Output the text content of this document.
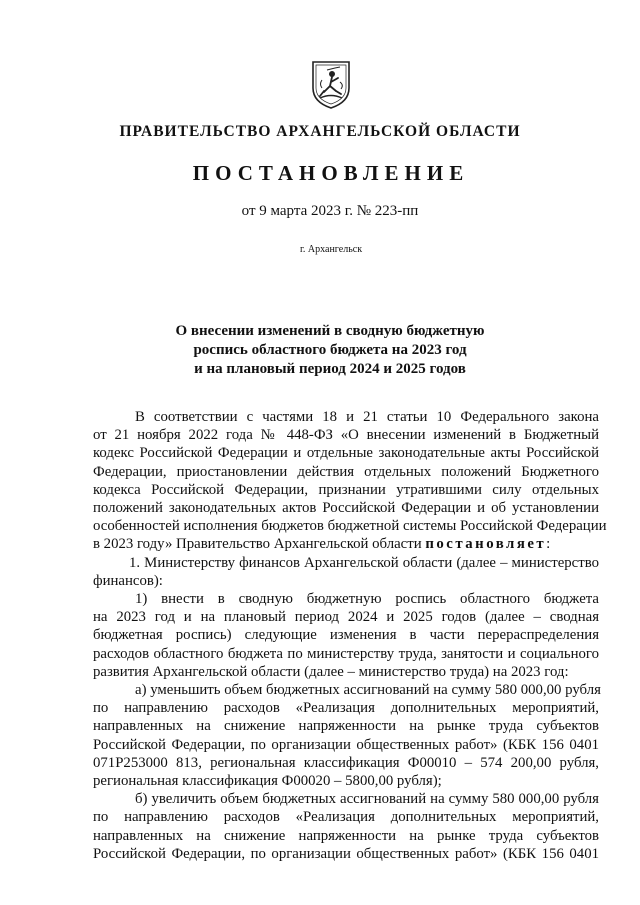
ПРАВИТЕЛЬСТВО АРХАНГЕЛЬСКОЙ ОБЛАСТИ
ПОСТАНОВЛЕНИЕ
от 9 марта 2023 г. № 223-пп
г. Архангельск
О внесении изменений в сводную бюджетную
роспись областного бюджета на 2023 год
и на плановый период 2024 и 2025 годов
В соответствии с частями 18 и 21 статьи 10 Федерального закона
от 21 ноября 2022 года № 448-ФЗ «О внесении изменений в Бюджетный
кодекс Российской Федерации и отдельные законодательные акты Российской
Федерации, приостановлении действия отдельных положений Бюджетного
кодекса Российской Федерации, признании утратившими силу отдельных
положений законодательных актов Российской Федерации и об установлении
особенностей исполнения бюджетов бюджетной системы Российской Федерации
в 2023 году» Правительство Архангельской области постановляет:
1. Министерству финансов Архангельской области (далее – министерство
финансов):
1) внести в сводную бюджетную роспись областного бюджета
на 2023 год и на плановый период 2024 и 2025 годов (далее – сводная
бюджетная роспись) следующие изменения в части перераспределения
расходов областного бюджета по министерству труда, занятости и социального
развития Архангельской области (далее – министерство труда) на 2023 год:
а) уменьшить объем бюджетных ассигнований на сумму 580 000,00 рубля
по направлению расходов «Реализация дополнительных мероприятий,
направленных на снижение напряженности на рынке труда субъектов
Российской Федерации, по организации общественных работ» (КБК 156 0401
071Р253000 813, региональная классификация Ф00010 – 574 200,00 рубля,
региональная классификация Ф00020 – 5800,00 рубля);
б) увеличить объем бюджетных ассигнований на сумму 580 000,00 рубля
по направлению расходов «Реализация дополнительных мероприятий,
направленных на снижение напряженности на рынке труда субъектов
Российской Федерации, по организации общественных работ» (КБК 156 0401
